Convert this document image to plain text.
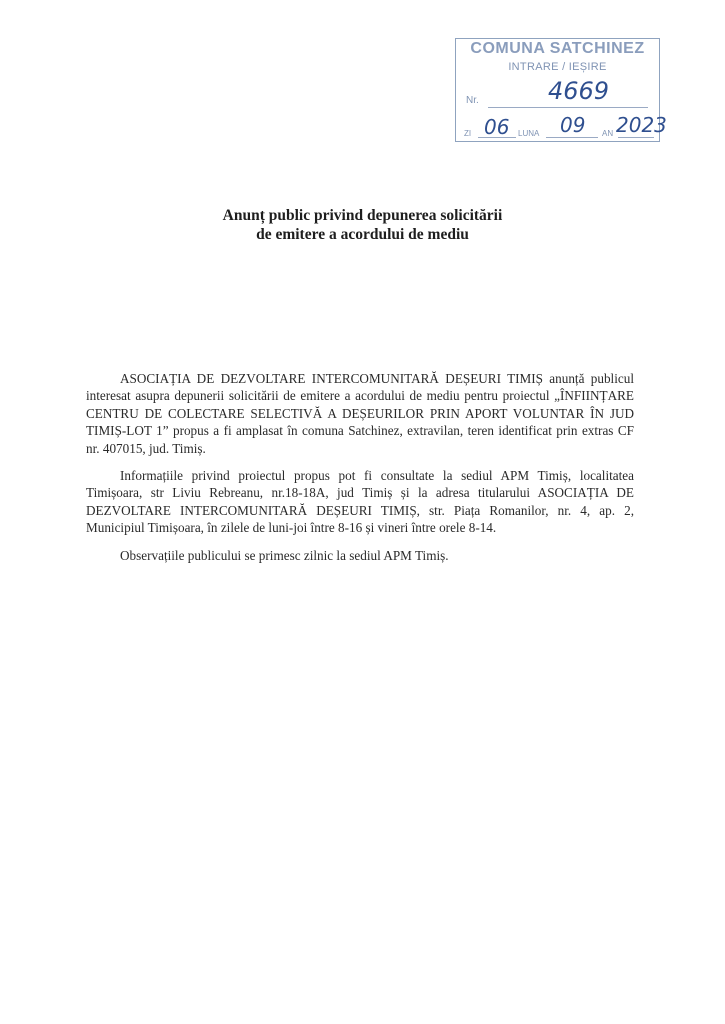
COMUNA SATCHINEZ
INTRARE / IEȘIRE
Nr.	4669
ZI 06 LUNA 09 AN 2023
Anunț public privind depunerea solicitării
de emitere a acordului de mediu
ASOCIAȚIA DE DEZVOLTARE INTERCOMUNITARĂ DEȘEURI TIMIȘ anunță publicul interesat asupra depunerii solicitării de emitere a acordului de mediu pentru proiectul „ÎNFIINȚARE CENTRU DE COLECTARE SELECTIVĂ A DEȘEURILOR PRIN APORT VOLUNTAR ÎN JUD TIMIȘ-LOT 1” propus a fi amplasat în comuna Satchinez, extravilan, teren identificat prin extras CF nr. 407015, jud. Timiș.
Informațiile privind proiectul propus pot fi consultate la sediul APM Timiș, localitatea Timișoara, str Liviu Rebreanu, nr.18-18A, jud Timiș și la adresa titularului ASOCIAȚIA DE DEZVOLTARE INTERCOMUNITARĂ DEȘEURI TIMIȘ, str. Piața Romanilor, nr. 4, ap. 2, Municipiul Timișoara, în zilele de luni-joi între 8-16 și vineri între orele 8-14.
Observațiile publicului se primesc zilnic la sediul APM Timiș.
